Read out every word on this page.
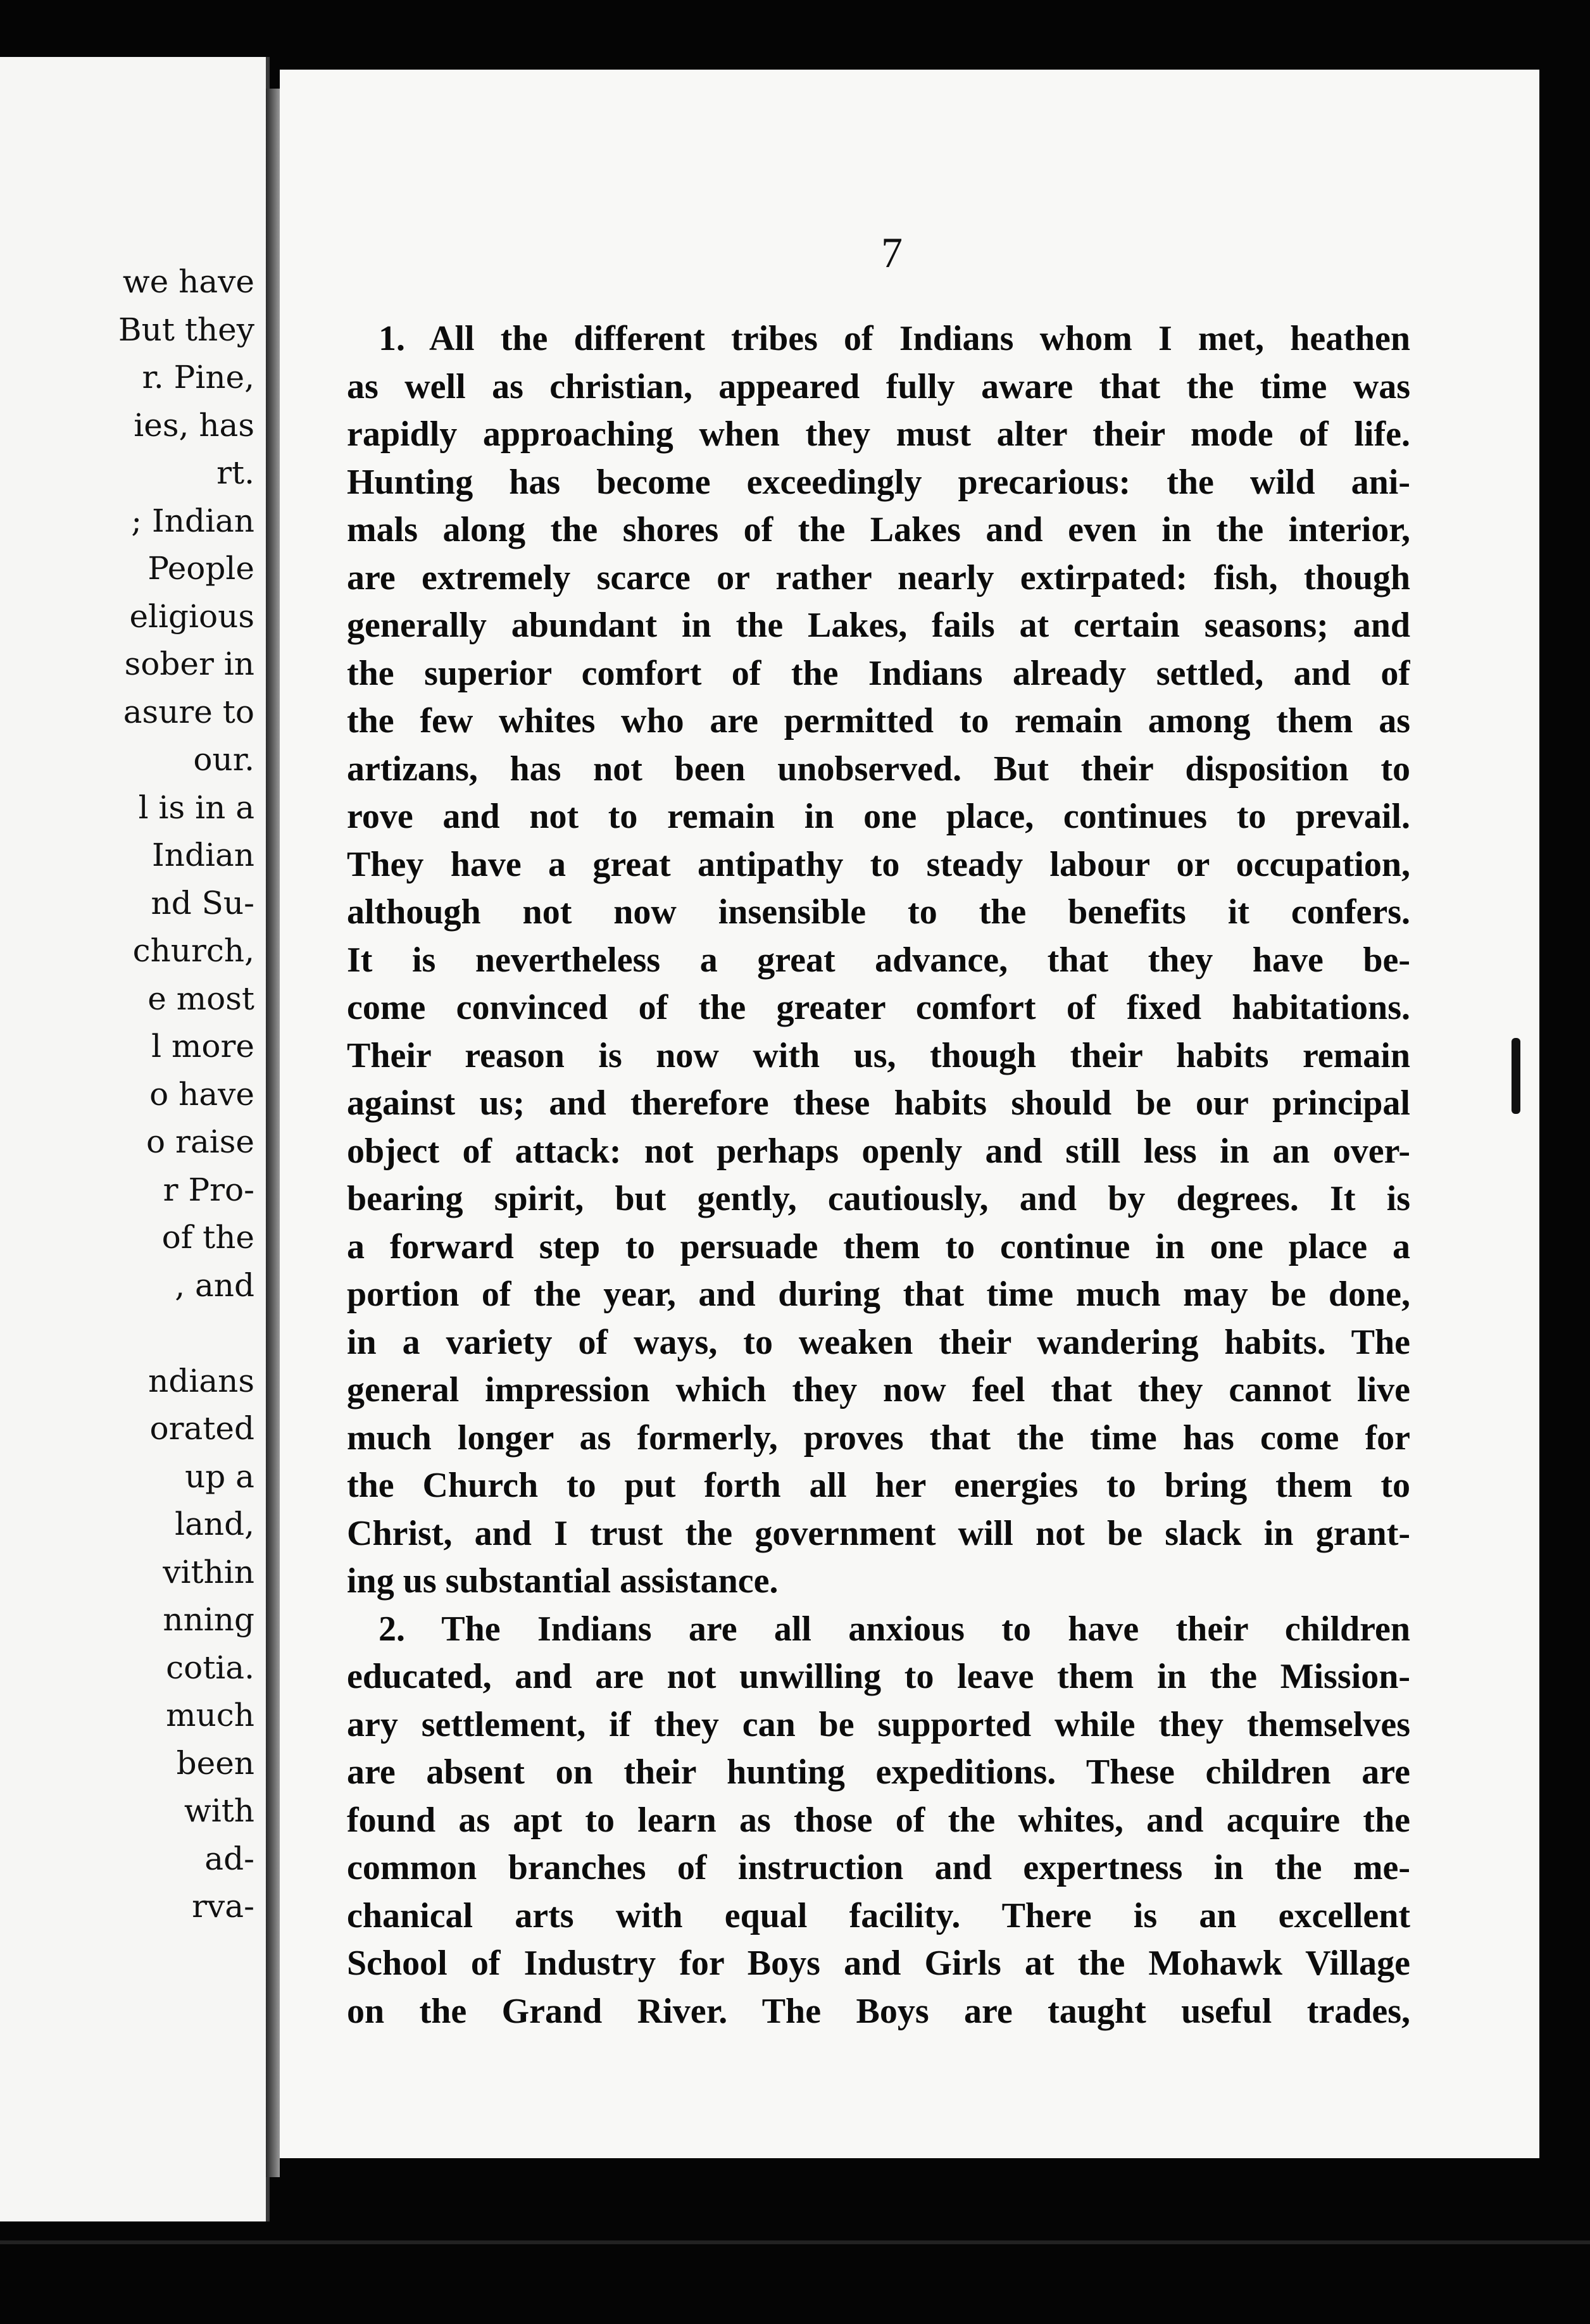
we have
But they
r. Pine,
ies, has
rt.
; Indian
People
eligious
sober in
asure to
our.
l is in a
Indian
nd Su-
church,
e most
l more
o have
o raise
r Pro-
of the
, and
ndians
orated
up a
land,
vithin
nning
cotia.
much
been
with
ad-
rva-
7
1. All the different tribes of Indians whom I met, heathen
as well as christian, appeared fully aware that the time was
rapidly approaching when they must alter their mode of life.
Hunting has become exceedingly precarious: the wild ani-
mals along the shores of the Lakes and even in the interior,
are extremely scarce or rather nearly extirpated: fish, though
generally abundant in the Lakes, fails at certain seasons; and
the superior comfort of the Indians already settled, and of
the few whites who are permitted to remain among them as
artizans, has not been unobserved. But their disposition to
rove and not to remain in one place, continues to prevail.
They have a great antipathy to steady labour or occupation,
although not now insensible to the benefits it confers.
It is nevertheless a great advance, that they have be-
come convinced of the greater comfort of fixed habitations.
Their reason is now with us, though their habits remain
against us; and therefore these habits should be our principal
object of attack: not perhaps openly and still less in an over-
bearing spirit, but gently, cautiously, and by degrees. It is
a forward step to persuade them to continue in one place a
portion of the year, and during that time much may be done,
in a variety of ways, to weaken their wandering habits. The
general impression which they now feel that they cannot live
much longer as formerly, proves that the time has come for
the Church to put forth all her energies to bring them to
Christ, and I trust the government will not be slack in grant-
ing us substantial assistance.
2. The Indians are all anxious to have their children
educated, and are not unwilling to leave them in the Mission-
ary settlement, if they can be supported while they themselves
are absent on their hunting expeditions. These children are
found as apt to learn as those of the whites, and acquire the
common branches of instruction and expertness in the me-
chanical arts with equal facility. There is an excellent
School of Industry for Boys and Girls at the Mohawk Village
on the Grand River. The Boys are taught useful trades,
